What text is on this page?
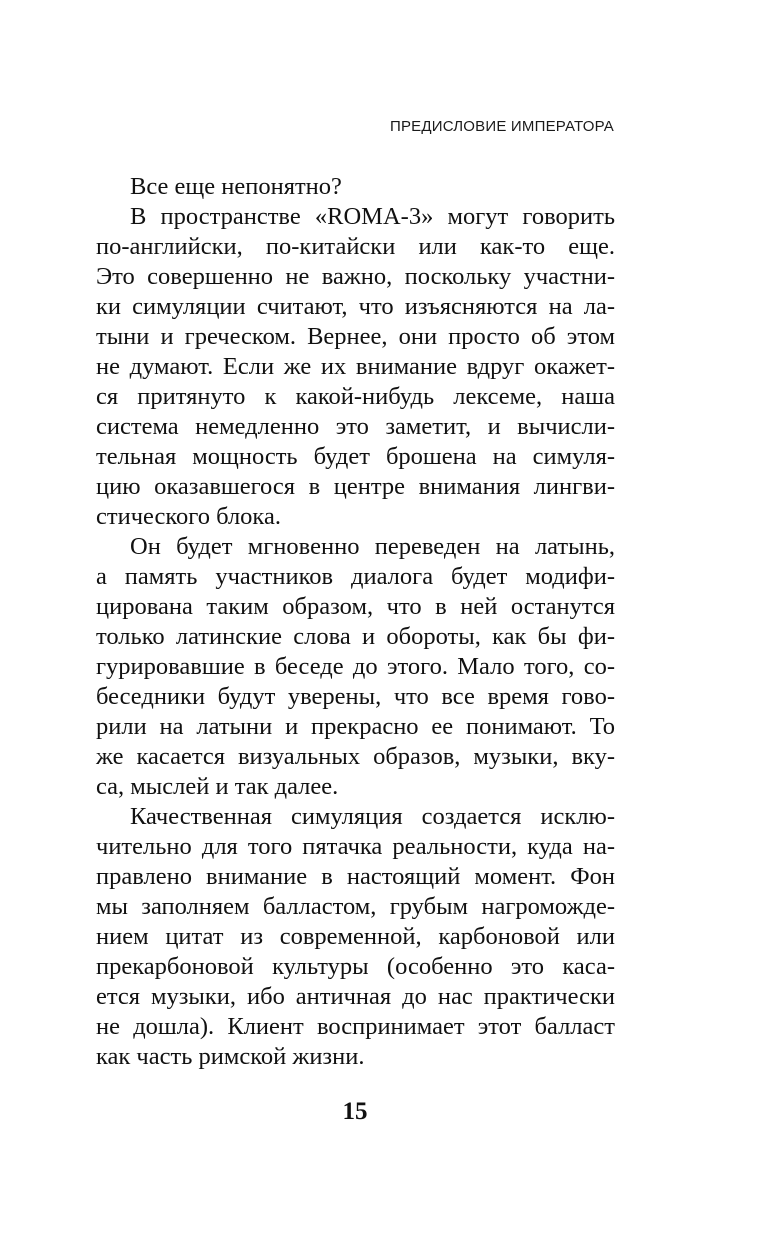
ПРЕДИСЛОВИЕ ИМПЕРАТОРА
Все еще непонятно?
В пространстве «ROMA-3» могут говорить
по-английски, по-китайски или как-то еще.
Это совершенно не важно, поскольку участни-
ки симуляции считают, что изъясняются на ла-
тыни и греческом. Вернее, они просто об этом
не думают. Если же их внимание вдруг окажет-
ся притянуто к какой-нибудь лексеме, наша
система немедленно это заметит, и вычисли-
тельная мощность будет брошена на симуля-
цию оказавшегося в центре внимания лингви-
стического блока.
Он будет мгновенно переведен на латынь,
а память участников диалога будет модифи-
цирована таким образом, что в ней останутся
только латинские слова и обороты, как бы фи-
гурировавшие в беседе до этого. Мало того, со-
беседники будут уверены, что все время гово-
рили на латыни и прекрасно ее понимают. То
же касается визуальных образов, музыки, вку-
са, мыслей и так далее.
Качественная симуляция создается исклю-
чительно для того пятачка реальности, куда на-
правлено внимание в настоящий момент. Фон
мы заполняем балластом, грубым нагроможде-
нием цитат из современной, карбоновой или
прекарбоновой культуры (особенно это каса-
ется музыки, ибо античная до нас практически
не дошла). Клиент воспринимает этот балласт
как часть римской жизни.
15
